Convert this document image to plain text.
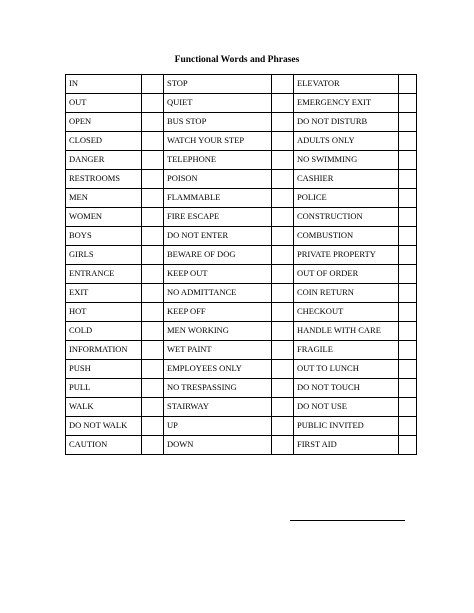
Functional Words and Phrases
IN		STOP		ELEVATOR	
OUT		QUIET		EMERGENCY EXIT	
OPEN		BUS STOP		DO NOT DISTURB	
CLOSED		WATCH YOUR STEP		ADULTS ONLY	
DANGER		TELEPHONE		NO SWIMMING	
RESTROOMS		POISON		CASHIER	
MEN		FLAMMABLE		POLICE	
WOMEN		FIRE ESCAPE		CONSTRUCTION	
BOYS		DO NOT ENTER		COMBUSTION	
GIRLS		BEWARE OF DOG		PRIVATE PROPERTY	
ENTRANCE		KEEP OUT		OUT OF ORDER	
EXIT		NO ADMITTANCE		COIN RETURN	
HOT		KEEP OFF		CHECKOUT	
COLD		MEN WORKING		HANDLE WITH CARE	
INFORMATION		WET PAINT		FRAGILE	
PUSH		EMPLOYEES ONLY		OUT TO LUNCH	
PULL		NO TRESPASSING		DO NOT TOUCH	
WALK		STAIRWAY		DO NOT USE	
DO NOT WALK		UP		PUBLIC INVITED	
CAUTION		DOWN		FIRST AID	
